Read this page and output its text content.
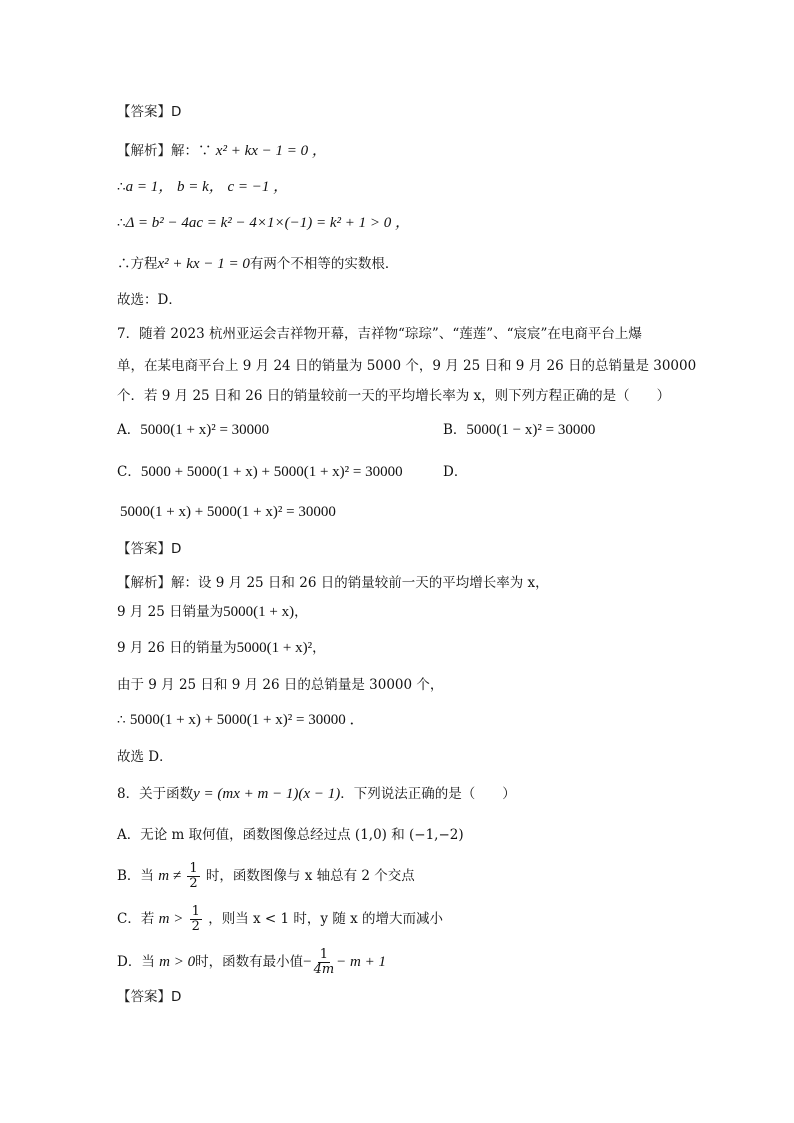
【答案】D
【解析】解：∵ x² + kx − 1 = 0 ，
∴a = 1， b = k， c = −1 ，
∴Δ = b² − 4ac = k² − 4×1×(−1) = k² + 1 > 0 ，
∴方程x² + kx − 1 = 0有两个不相等的实数根．
故选：D．
7．随着 2023 杭州亚运会吉祥物开幕，吉祥物“琮琮”、“莲莲”、“宸宸”在电商平台上爆
单，在某电商平台上 9 月 24 日的销量为 5000 个，9 月 25 日和 9 月 26 日的总销量是 30000
个．若 9 月 25 日和 26 日的销量较前一天的平均增长率为 x，则下列方程正确的是（　　）
A．5000(1 + x)² = 30000	B．5000(1 − x)² = 30000
C．5000 + 5000(1 + x) + 5000(1 + x)² = 30000	D．
5000(1 + x) + 5000(1 + x)² = 30000
【答案】D
【解析】解：设 9 月 25 日和 26 日的销量较前一天的平均增长率为 x，
9 月 25 日销量为5000(1 + x)，
9 月 26 日的销量为5000(1 + x)²，
由于 9 月 25 日和 9 月 26 日的总销量是 30000 个，
∴ 5000(1 + x) + 5000(1 + x)² = 30000 ．
故选 D．
8．关于函数y = (mx + m − 1)(x − 1)．下列说法正确的是（　　）
A．无论 m 取何值，函数图像总经过点 (1,0) 和 (−1,−2)
B．当 $m \ne \frac{1}{2}$ 时，函数图像与 x 轴总有 2 个交点
C．若 $m > \frac{1}{2}$ ，则当 x < 1 时，y 随 x 的增大而减小
D．当 m > 0时，函数有最小值− $\frac{1}{4m} - m + 1$
【答案】D
